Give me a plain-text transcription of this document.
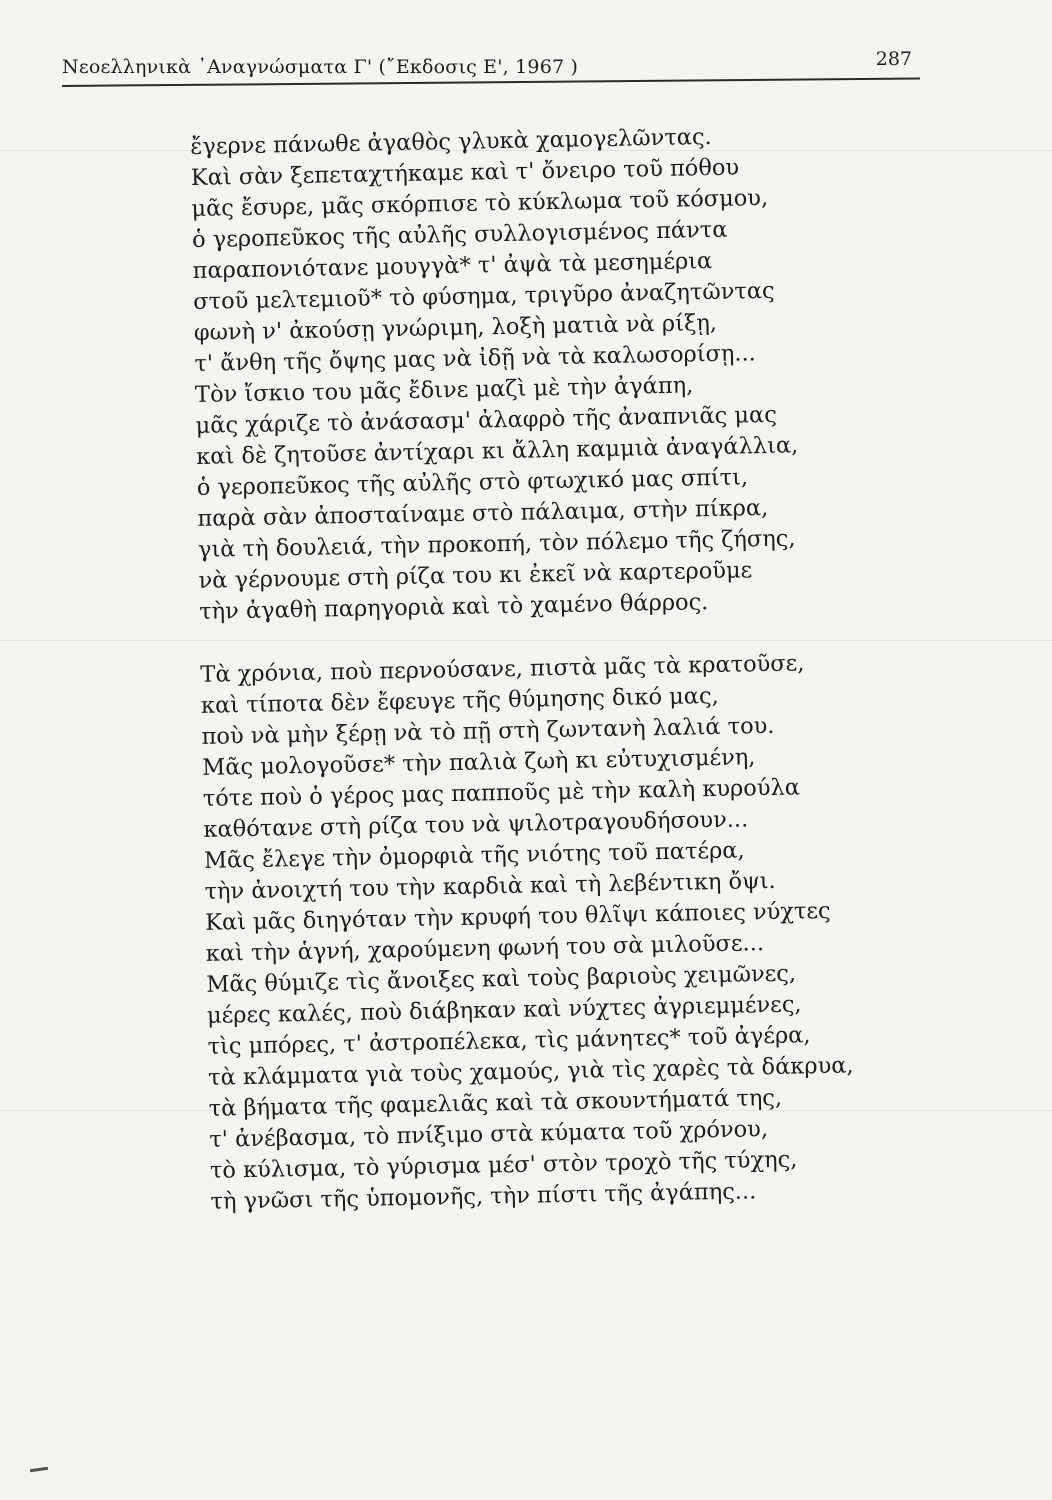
Νεοελληνικὰ ᾿Αναγνώσματα Γ' (῎Εκδοσις Ε', 1967 )	287
ἔγερνε πάνωθε ἀγαθὸς γλυκὰ χαμογελῶντας.
Καὶ σὰν ξεπεταχτήκαμε καὶ τ' ὄνειρο τοῦ πόθου
μᾶς ἔσυρε, μᾶς σκόρπισε τὸ κύκλωμα τοῦ κόσμου,
ὁ γεροπεῦκος τῆς αὐλῆς συλλογισμένος πάντα
παραπονιότανε μουγγὰ* τ' ἀψὰ τὰ μεσημέρια
στοῦ μελτεμιοῦ* τὸ φύσημα, τριγῦρο ἀναζητῶντας
φωνὴ ν' ἀκούσῃ γνώριμη, λοξὴ ματιὰ νὰ ρίξῃ,
τ' ἄνθη τῆς ὄψης μας νὰ ἰδῇ νὰ τὰ καλωσορίσῃ...
Τὸν ἴσκιο του μᾶς ἔδινε μαζὶ μὲ τὴν ἀγάπη,
μᾶς χάριζε τὸ ἀνάσασμ' ἀλαφρὸ τῆς ἀναπνιᾶς μας
καὶ δὲ ζητοῦσε ἀντίχαρι κι ἄλλη καμμιὰ ἀναγάλλια,
ὁ γεροπεῦκος τῆς αὐλῆς στὸ φτωχικό μας σπίτι,
παρὰ σὰν ἀποσταίναμε στὸ πάλαιμα, στὴν πίκρα,
γιὰ τὴ δουλειά, τὴν προκοπή, τὸν πόλεμο τῆς ζήσης,
νὰ γέρνουμε στὴ ρίζα του κι ἐκεῖ νὰ καρτεροῦμε
τὴν ἀγαθὴ παρηγοριὰ καὶ τὸ χαμένο θάρρος.
Τὰ χρόνια, ποὺ περνούσανε, πιστὰ μᾶς τὰ κρατοῦσε,
καὶ τίποτα δὲν ἔφευγε τῆς θύμησης δικό μας,
ποὺ νὰ μὴν ξέρῃ νὰ τὸ πῇ στὴ ζωντανὴ λαλιά του.
Μᾶς μολογοῦσε* τὴν παλιὰ ζωὴ κι εὐτυχισμένη,
τότε ποὺ ὁ γέρος μας παπποῦς μὲ τὴν καλὴ κυρούλα
καθότανε στὴ ρίζα του νὰ ψιλοτραγουδήσουν...
Μᾶς ἔλεγε τὴν ὀμορφιὰ τῆς νιότης τοῦ πατέρα,
τὴν ἀνοιχτή του τὴν καρδιὰ καὶ τὴ λεβέντικη ὄψι.
Καὶ μᾶς διηγόταν τὴν κρυφή του θλῖψι κάποιες νύχτες
καὶ τὴν ἁγνή, χαρούμενη φωνή του σὰ μιλοῦσε...
Μᾶς θύμιζε τὶς ἄνοιξες καὶ τοὺς βαριοὺς χειμῶνες,
μέρες καλές, ποὺ διάβηκαν καὶ νύχτες ἀγριεμμένες,
τὶς μπόρες, τ' ἀστροπέλεκα, τὶς μάνητες* τοῦ ἀγέρα,
τὰ κλάμματα γιὰ τοὺς χαμούς, γιὰ τὶς χαρὲς τὰ δάκρυα,
τὰ βήματα τῆς φαμελιᾶς καὶ τὰ σκουντήματά της,
τ' ἀνέβασμα, τὸ πνίξιμο στὰ κύματα τοῦ χρόνου,
τὸ κύλισμα, τὸ γύρισμα μέσ' στὸν τροχὸ τῆς τύχης,
τὴ γνῶσι τῆς ὑπομονῆς, τὴν πίστι τῆς ἀγάπης...
